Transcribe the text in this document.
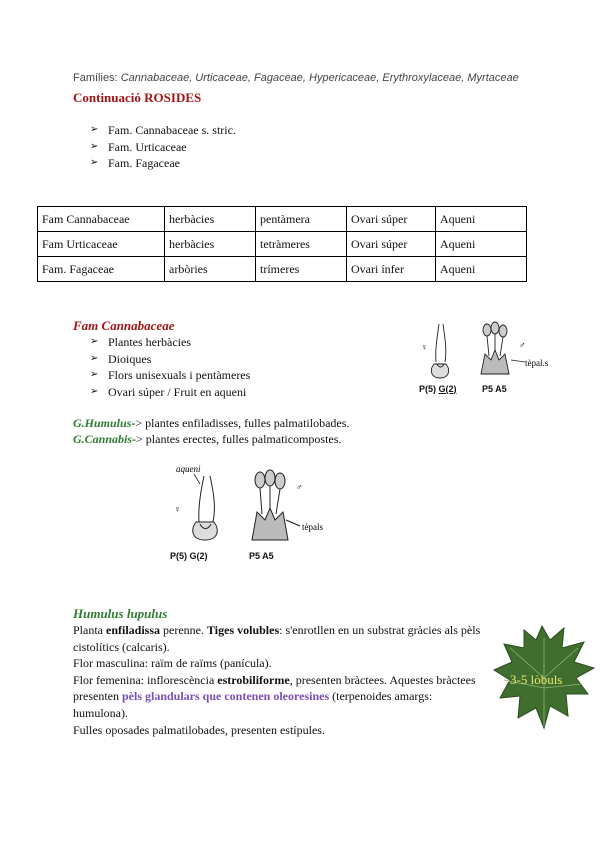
Famílies: Cannabaceae, Urticaceae, Fagaceae, Hypericaceae, Erythroxylaceae, Myrtaceae
Continuació ROSIDES
➢ Fam. Cannabaceae s. stric.
➢ Fam. Urticaceae
➢ Fam. Fagaceae
Fam Cannabaceae	herbàcies	pentàmera	Ovari súper	Aqueni
Fam Urticaceae	herbàcies	tetràmeres	Ovari súper	Aqueni
Fam. Fagaceae	arbòries	trímeres	Ovari ínfer	Aqueni
Fam Cannabaceae
➢ Plantes herbàcies
➢ Dioiques
➢ Flors unisexuals i pentàmeres
➢ Ovari súper / Fruit en aqueni
♀	♂
tèpal.s
P(5) G(2)	P5 A5
G.Humulus-> plantes enfiladisses, fulles palmatilobades.
G.Cannabis-> plantes erectes, fulles palmaticompostes.
aqueni
♀
♂
tèpals
P(5) G(2)	P5 A5
Humulus lupulus
Planta enfiladissa perenne. Tiges volubles: s'enrotllen en un substrat gràcies als pèls cistolítics (calcaris).
Flor masculina: raïm de raïms (panícula).
Flor femenina: inflorescència estrobiliforme, presenten bràctees. Aquestes bràctees presenten pèls glandulars que contenen oleoresines (terpenoides amargs: humulona).
Fulles oposades palmatilobades, presenten estípules.
3-5 lòbuls
